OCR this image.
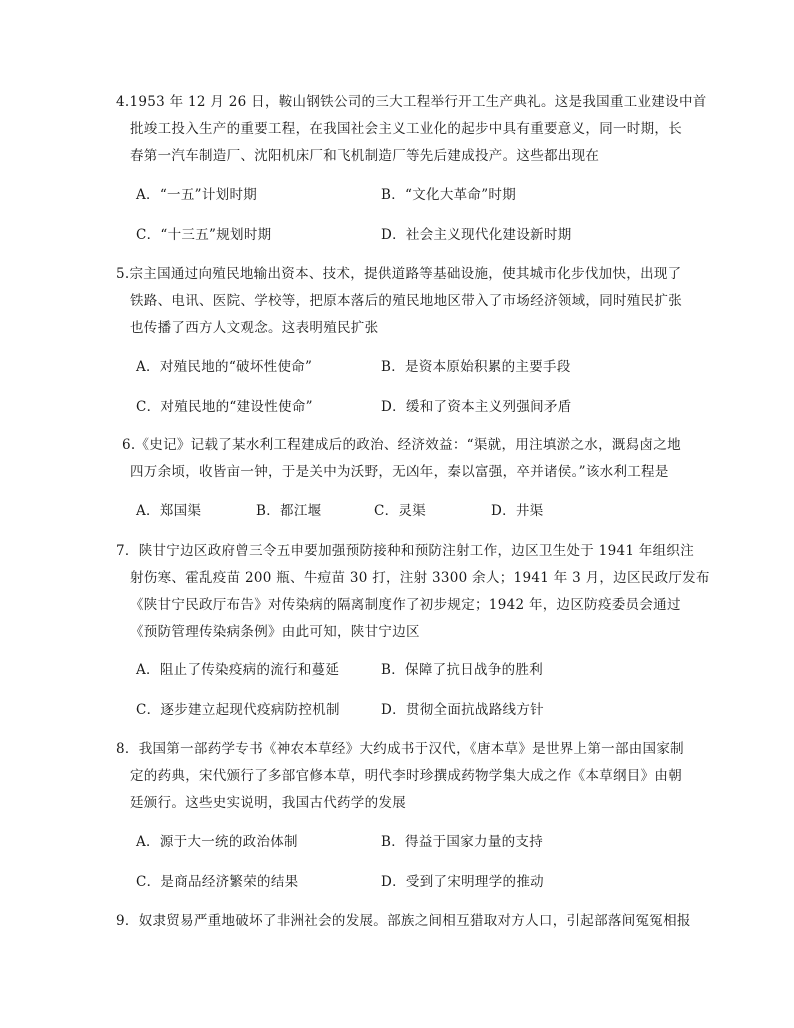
4.1953 年 12 月 26 日，鞍山钢铁公司的三大工程举行开工生产典礼。这是我国重工业建设中首
批竣工投入生产的重要工程，在我国社会主义工业化的起步中具有重要意义，同一时期，长
春第一汽车制造厂、沈阳机床厂和飞机制造厂等先后建成投产。这些都出现在
A．“一五”计划时期	B．“文化大革命”时期
C．“十三五”规划时期	D．社会主义现代化建设新时期
5.宗主国通过向殖民地输出资本、技术，提供道路等基础设施，使其城市化步伐加快，出现了
铁路、电讯、医院、学校等，把原本落后的殖民地地区带入了市场经济领域，同时殖民扩张
也传播了西方人文观念。这表明殖民扩张
A．对殖民地的“破坏性使命”	B．是资本原始积累的主要手段
C．对殖民地的“建设性使命”	D．缓和了资本主义列强间矛盾
6.《史记》记载了某水利工程建成后的政治、经济效益：“渠就，用注填淤之水，溉舄卤之地
四万余顷，收皆亩一钟，于是关中为沃野，无凶年，秦以富强，卒并诸侯。”该水利工程是
A．郑国渠	B．都江堰	C．灵渠	D．井渠
7．陕甘宁边区政府曾三令五申要加强预防接种和预防注射工作，边区卫生处于 1941 年组织注
射伤寒、霍乱疫苗 200 瓶、牛痘苗 30 打，注射 3300 余人；1941 年 3 月，边区民政厅发布
《陕甘宁民政厅布告》对传染病的隔离制度作了初步规定；1942 年，边区防疫委员会通过
《预防管理传染病条例》由此可知，陕甘宁边区
A．阻止了传染疫病的流行和蔓延	B．保障了抗日战争的胜利
C．逐步建立起现代疫病防控机制	D．贯彻全面抗战路线方针
8．我国第一部药学专书《神农本草经》大约成书于汉代，《唐本草》是世界上第一部由国家制
定的药典，宋代颁行了多部官修本草，明代李时珍撰成药物学集大成之作《本草纲目》由朝
廷颁行。这些史实说明，我国古代药学的发展
A．源于大一统的政治体制	B．得益于国家力量的支持
C．是商品经济繁荣的结果	D．受到了宋明理学的推动
9．奴隶贸易严重地破坏了非洲社会的发展。部族之间相互猎取对方人口，引起部落间冤冤相报
